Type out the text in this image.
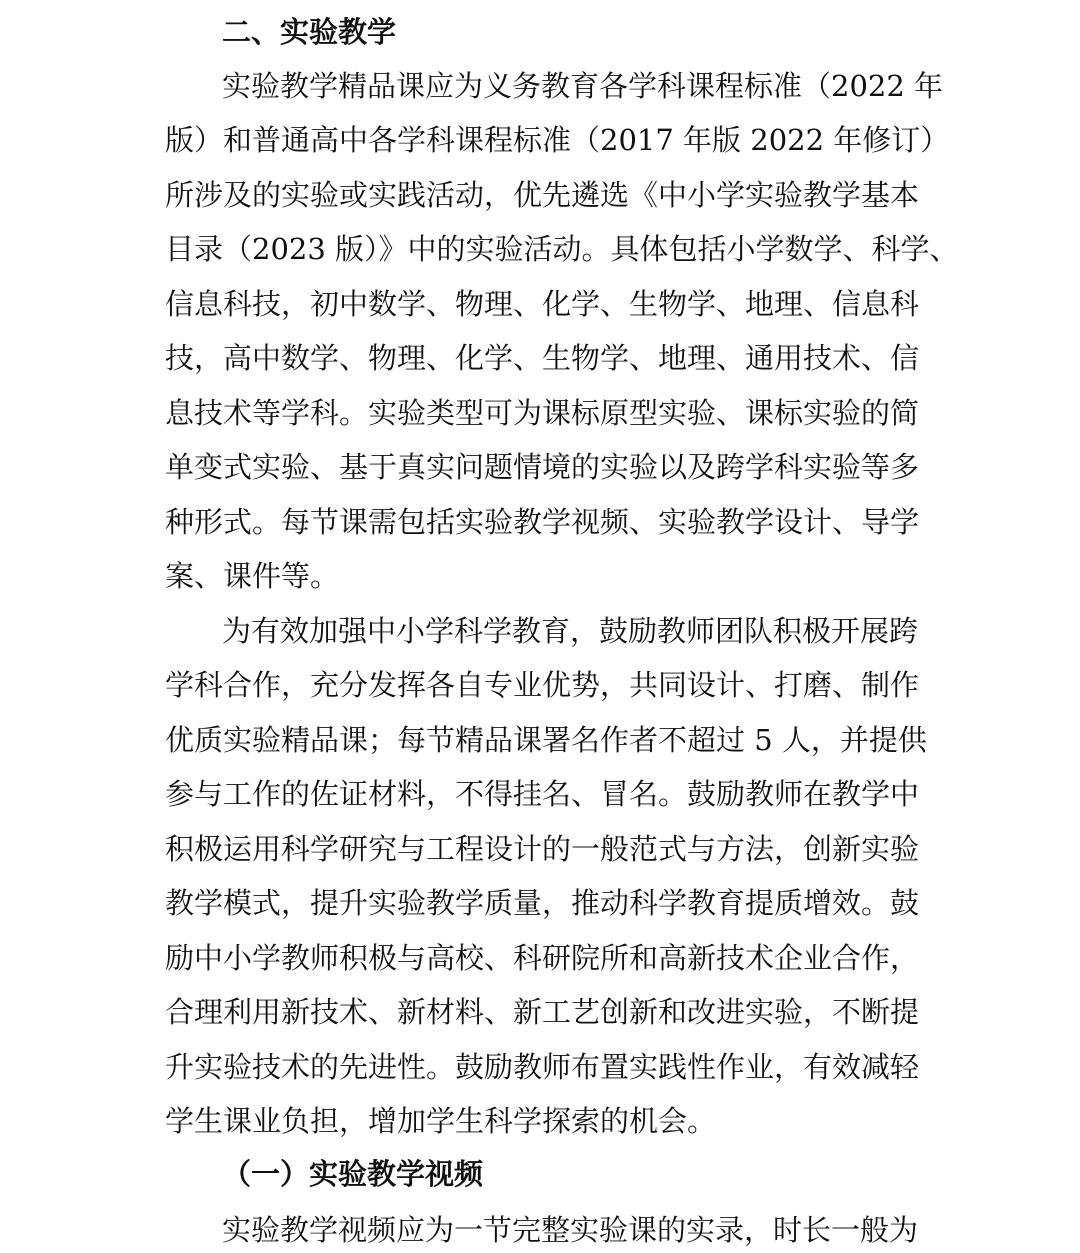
二、实验教学
实验教学精品课应为义务教育各学科课程标准（2022 年
版）和普通高中各学科课程标准（2017 年版 2022 年修订）
所涉及的实验或实践活动，优先遴选《中小学实验教学基本
目录（2023 版）》中的实验活动。具体包括小学数学、科学、
信息科技，初中数学、物理、化学、生物学、地理、信息科
技，高中数学、物理、化学、生物学、地理、通用技术、信
息技术等学科。实验类型可为课标原型实验、课标实验的简
单变式实验、基于真实问题情境的实验以及跨学科实验等多
种形式。每节课需包括实验教学视频、实验教学设计、导学
案、课件等。
为有效加强中小学科学教育，鼓励教师团队积极开展跨
学科合作，充分发挥各自专业优势，共同设计、打磨、制作
优质实验精品课；每节精品课署名作者不超过 5 人，并提供
参与工作的佐证材料，不得挂名、冒名。鼓励教师在教学中
积极运用科学研究与工程设计的一般范式与方法，创新实验
教学模式，提升实验教学质量，推动科学教育提质增效。鼓
励中小学教师积极与高校、科研院所和高新技术企业合作，
合理利用新技术、新材料、新工艺创新和改进实验，不断提
升实验技术的先进性。鼓励教师布置实践性作业，有效减轻
学生课业负担，增加学生科学探索的机会。
（一）实验教学视频
实验教学视频应为一节完整实验课的实录，时长一般为
